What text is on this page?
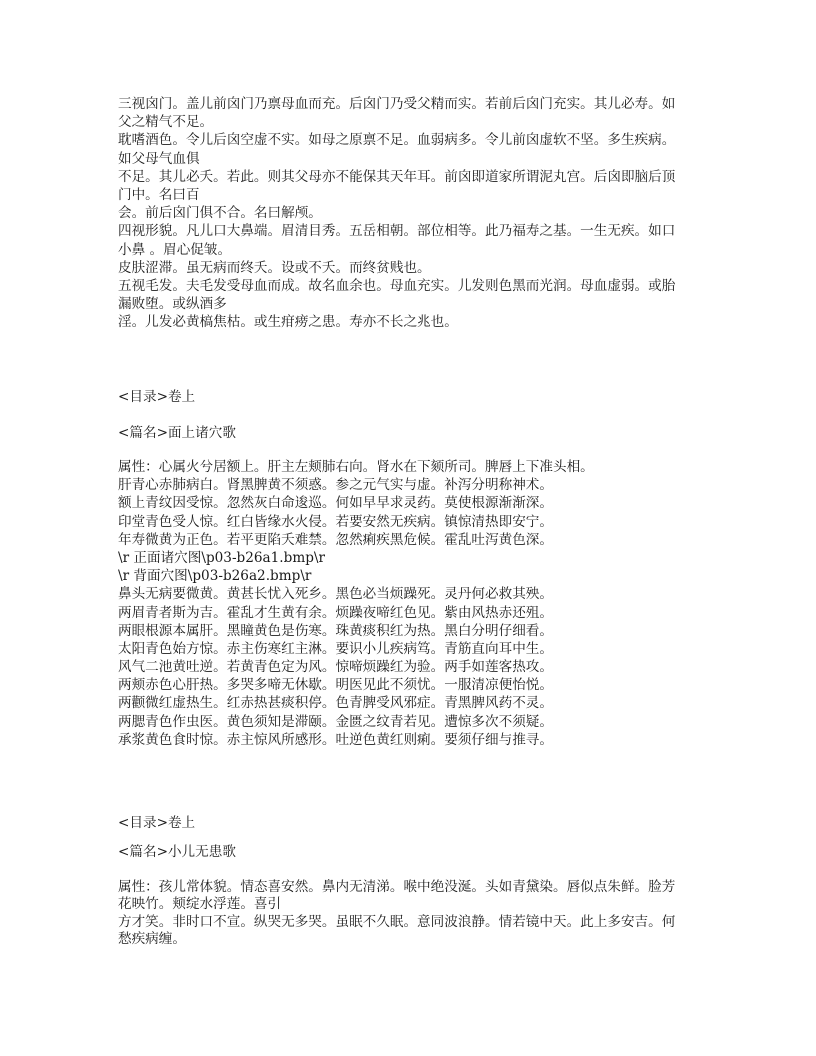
三视囟门。盖儿前囟门乃禀母血而充。后囟门乃受父精而实。若前后囟门充实。其儿必寿。如
父之精气不足。
耽嗜酒色。令儿后囟空虚不实。如母之原禀不足。血弱病多。令儿前囟虚软不坚。多生疾病。
如父母气血俱
不足。其儿必夭。若此。则其父母亦不能保其天年耳。前囟即道家所谓泥丸宫。后囟即脑后顶
门中。名曰百
会。前后囟门俱不合。名曰解颅。
四视形貌。凡儿口大鼻端。眉清目秀。五岳相朝。部位相等。此乃福寿之基。一生无疾。如口
小鼻 。眉心促皱。
皮肤涩滞。虽无病而终夭。设或不夭。而终贫贱也。
五视毛发。夫毛发受母血而成。故名血余也。母血充实。儿发则色黑而光润。母血虚弱。或胎
漏败堕。或纵酒多
淫。儿发必黄槁焦枯。或生疳痨之患。寿亦不长之兆也。
<目录>卷上
<篇名>面上诸穴歌
属性：心属火兮居额上。肝主左颊肺右向。肾水在下颏所司。脾唇上下准头相。
肝青心赤肺病白。肾黑脾黄不须惑。参之元气实与虚。补泻分明称神术。
额上青纹因受惊。忽然灰白命逡巡。何如早早求灵药。莫使根源渐渐深。
印堂青色受人惊。红白皆缘水火侵。若要安然无疾病。镇惊清热即安宁。
年寿微黄为正色。若平更陷夭难禁。忽然痢疾黑危候。霍乱吐泻黄色深。
\r 正面诸穴图\p03-b26a1.bmp\r
\r 背面穴图\p03-b26a2.bmp\r
鼻头无病要微黄。黄甚长忧入死乡。黑色必当烦躁死。灵丹何必救其殃。
两眉青者斯为吉。霍乱才生黄有余。烦躁夜啼红色见。紫由风热赤还殂。
两眼根源本属肝。黑瞳黄色是伤寒。珠黄痰积红为热。黑白分明仔细看。
太阳青色始方惊。赤主伤寒红主淋。要识小儿疾病笃。青筋直向耳中生。
风气二池黄吐逆。若黄青色定为风。惊啼烦躁红为验。两手如莲客热攻。
两颊赤色心肝热。多哭多啼无休歇。明医见此不须忧。一服清凉便怡悦。
两颧微红虚热生。红赤热甚痰积停。色青脾受风邪症。青黑脾风药不灵。
两腮青色作虫医。黄色须知是滞颐。金匮之纹青若见。遭惊多次不须疑。
承浆黄色食时惊。赤主惊风所感形。吐逆色黄红则痢。要须仔细与推寻。
<目录>卷上
<篇名>小儿无患歌
属性：孩儿常体貌。情态喜安然。鼻内无清涕。喉中绝没涎。头如青黛染。唇似点朱鲜。脸芳
花映竹。颊绽水浮莲。喜引
方才笑。非时口不宣。纵哭无多哭。虽眠不久眠。意同波浪静。情若镜中天。此上多安吉。何
愁疾病缠。
